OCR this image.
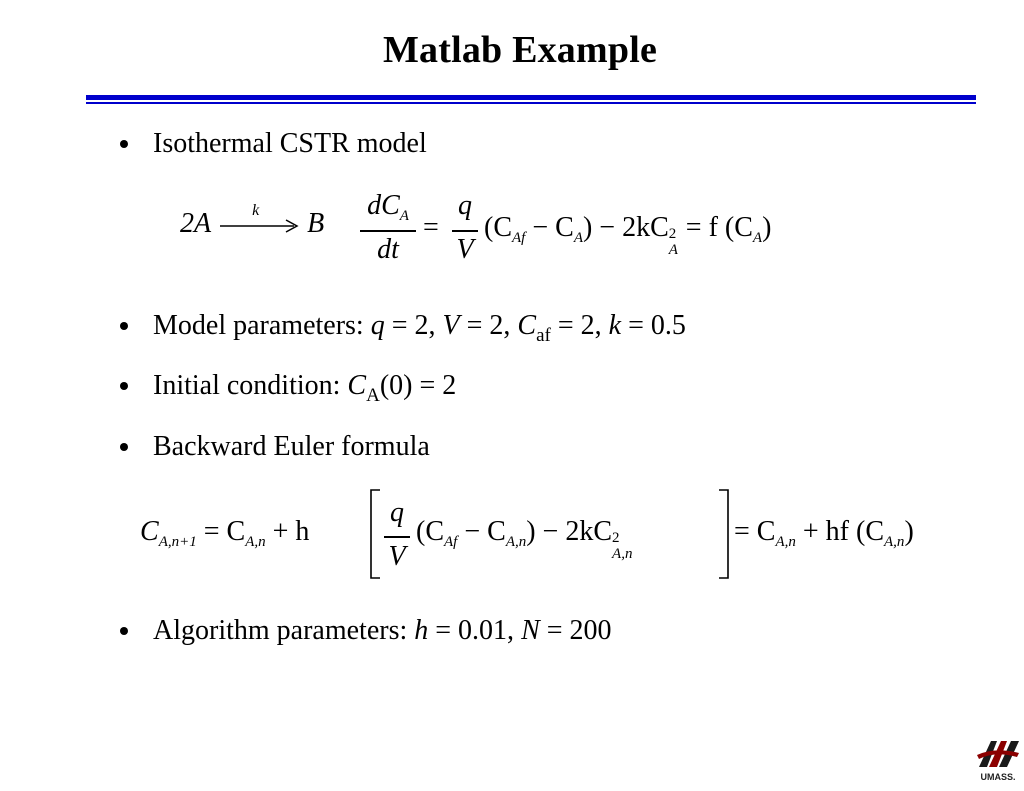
Matlab Example
Isothermal CSTR model
2A	k B
$dC_A$
dt
=
q
V
$(C_{Af} - C_A) - 2kC$ 2
A
= f $(C_A)$
Model parameters: q = 2, V = 2, $C_{af} = 2$, k = 0.5
Initial condition: $C_A(0) = 2$
Backward Euler formula
$C_{A,n+1} = C_{A,n} + h$
q
V
$(C_{Af} - C_{A,n}) - 2kC$ 2
A,n
= $C_{A,n}$ + hf $(C_{A,n})$
Algorithm parameters: h = 0.01, N = 200
UMASS.
